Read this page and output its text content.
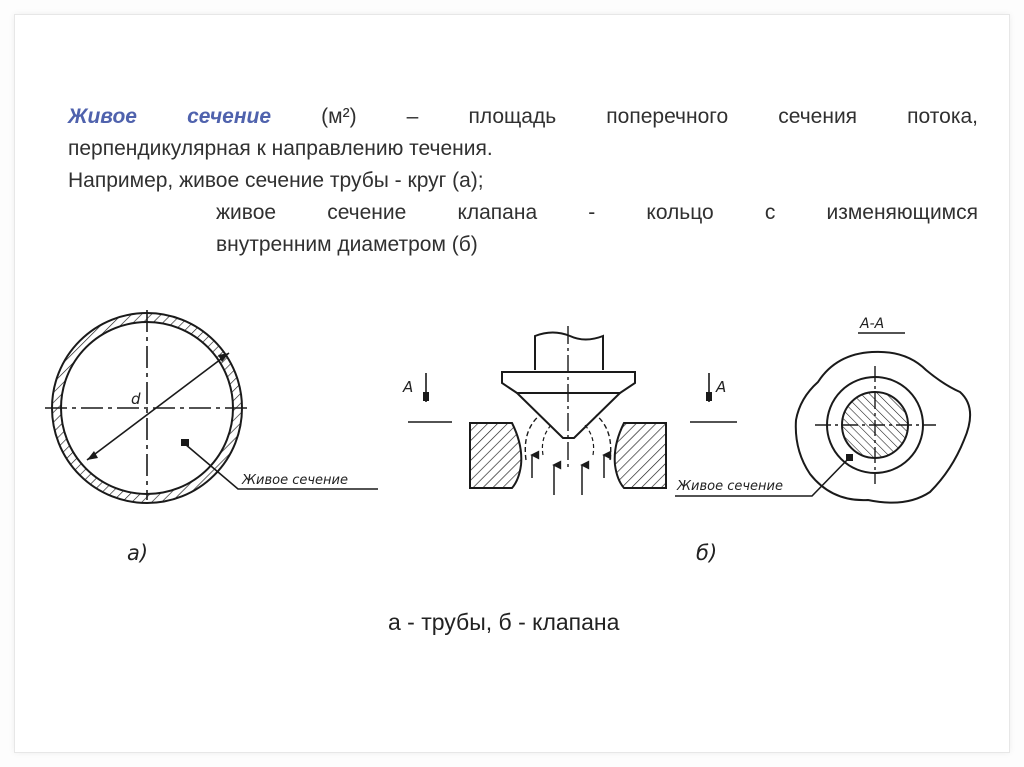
Живое сечение (м²) – площадь поперечного сечения потока,
перпендикулярная к направлению течения.
Например, живое сечение трубы - круг (а);
живое сечение клапана - кольцо с изменяющимся
внутренним диаметром (б)
d
Живое сечение
а)
А	А
б)
А-А
Живое сечение
а - трубы, б - клапана
